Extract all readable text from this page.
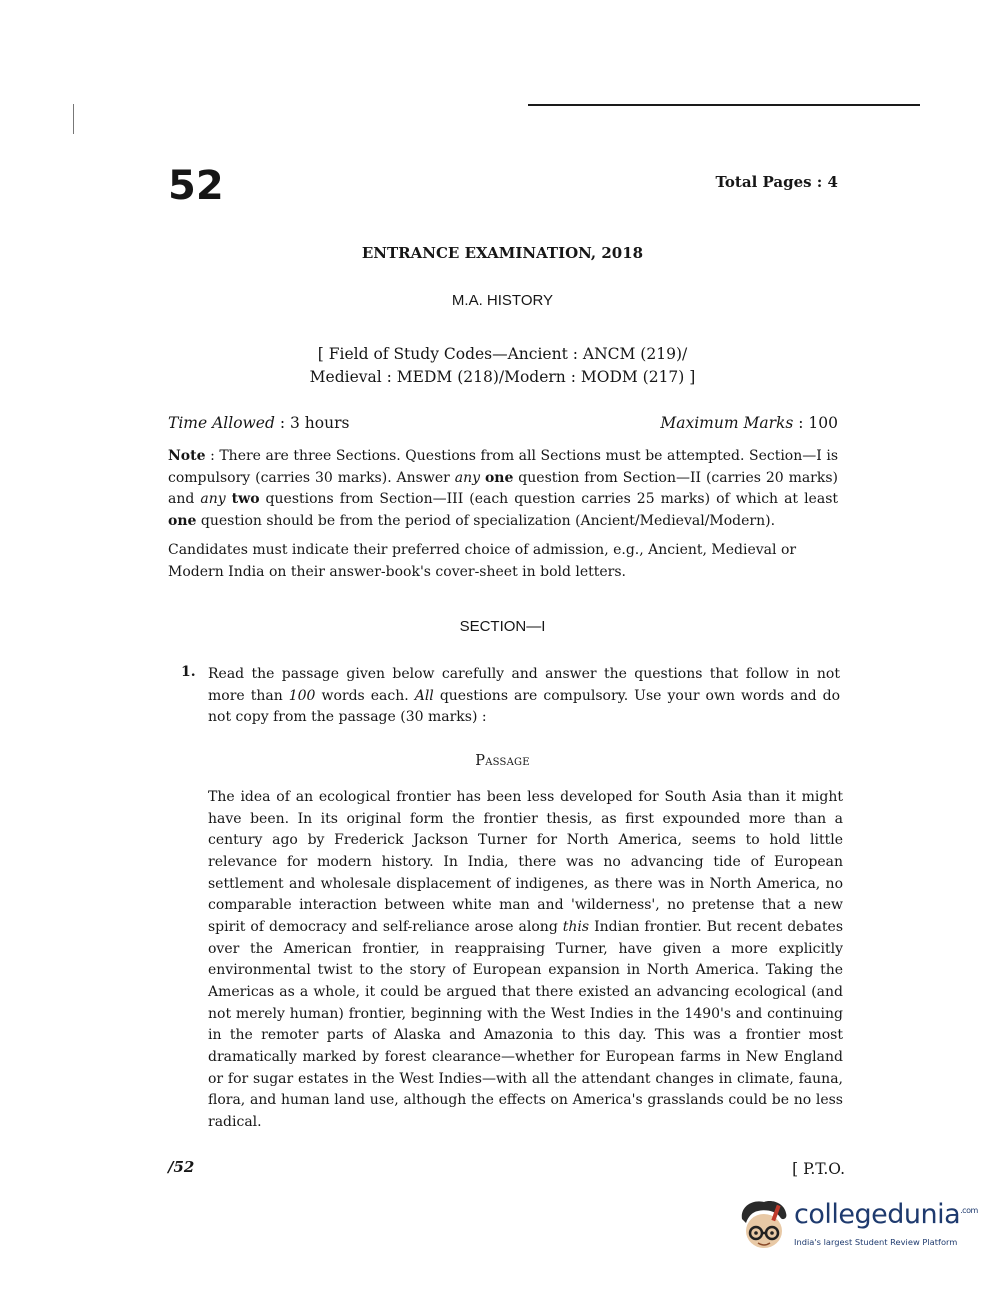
52	Total Pages : 4
ENTRANCE EXAMINATION, 2018
M.A. HISTORY
[ Field of Study Codes—Ancient : ANCM (219)/
Medieval : MEDM (218)/Modern : MODM (217) ]
Time Allowed : 3 hours	Maximum Marks : 100
Note : There are three Sections. Questions from all Sections must be attempted. Section—I is compulsory (carries 30 marks). Answer any one question from Section—II (carries 20 marks) and any two questions from Section—III (each question carries 25 marks) of which at least one question should be from the period of specialization (Ancient/Medieval/Modern).
Candidates must indicate their preferred choice of admission, e.g., Ancient, Medieval or Modern India on their answer-book's cover-sheet in bold letters.
SECTION—I
1. Read the passage given below carefully and answer the questions that follow in not more than 100 words each. All questions are compulsory. Use your own words and do not copy from the passage (30 marks) :
Passage
The idea of an ecological frontier has been less developed for South Asia than it might have been. In its original form the frontier thesis, as first expounded more than a century ago by Frederick Jackson Turner for North America, seems to hold little relevance for modern history. In India, there was no advancing tide of European settlement and wholesale displacement of indigenes, as there was in North America, no comparable interaction between white man and 'wilderness', no pretense that a new spirit of democracy and self-reliance arose along this Indian frontier. But recent debates over the American frontier, in reappraising Turner, have given a more explicitly environmental twist to the story of European expansion in North America. Taking the Americas as a whole, it could be argued that there existed an advancing ecological (and not merely human) frontier, beginning with the West Indies in the 1490's and continuing in the remoter parts of Alaska and Amazonia to this day. This was a frontier most dramatically marked by forest clearance—whether for European farms in New England or for sugar estates in the West Indies—with all the attendant changes in climate, fauna, flora, and human land use, although the effects on America's grasslands could be no less radical.
/52	[ P.T.O.
collegedunia$^{.com}$
India's largest Student Review Platform
